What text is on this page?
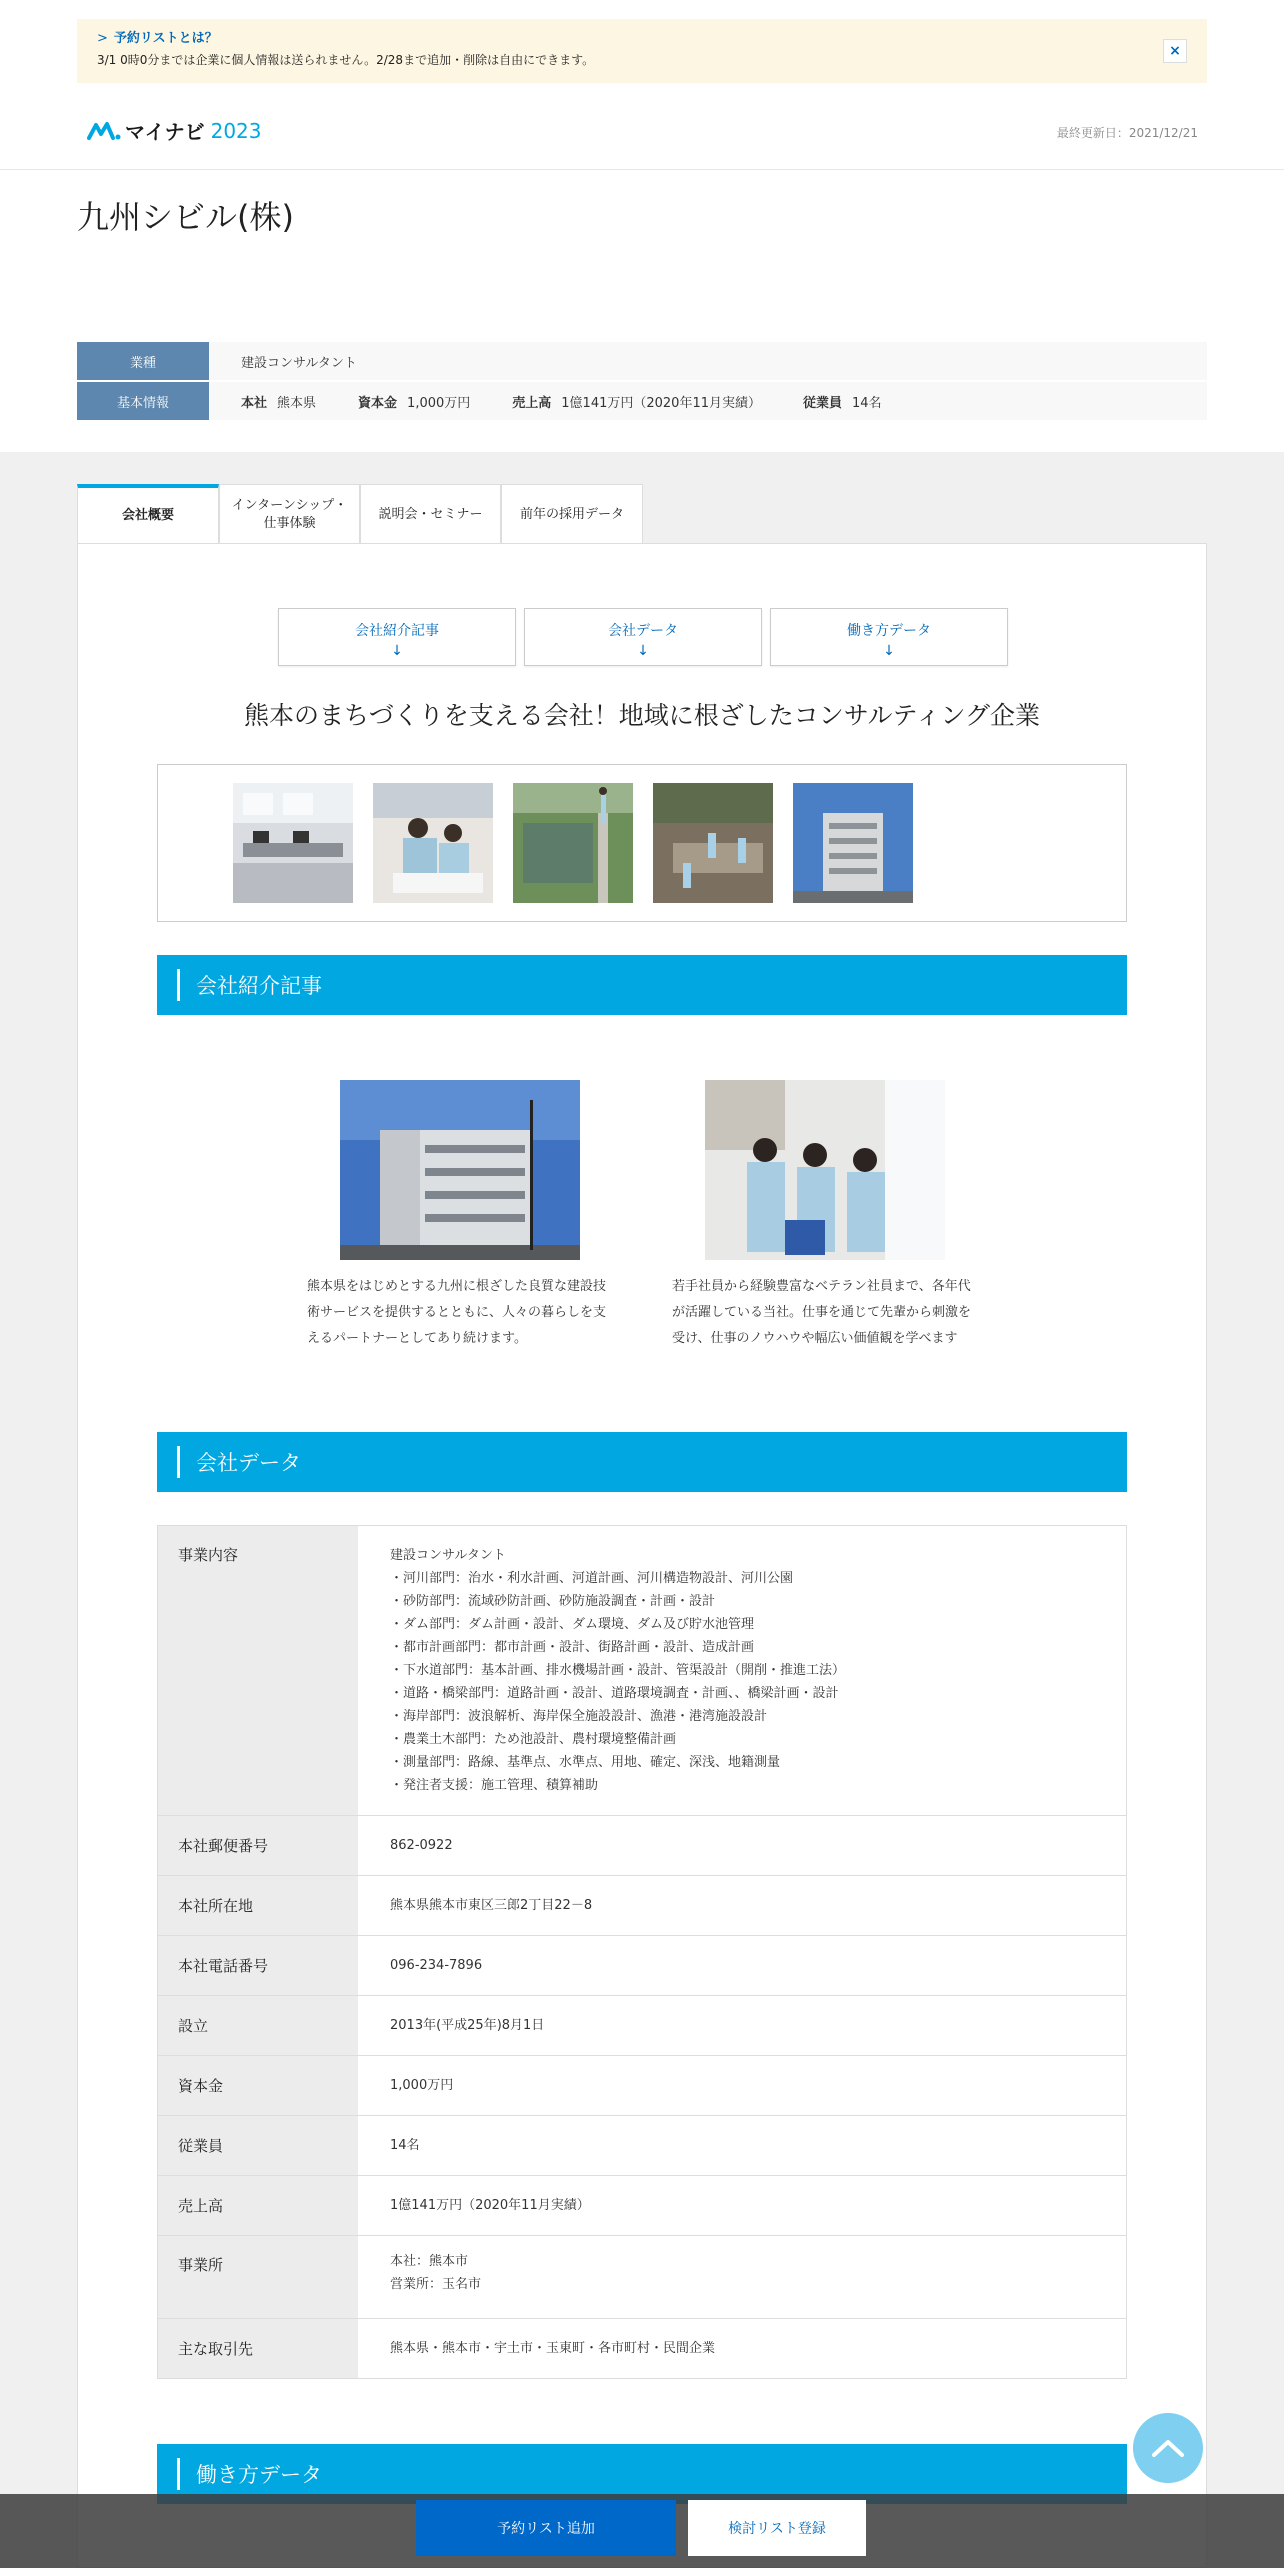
> 予約リストとは？
3/1 0時0分までは企業に個人情報は送られません。2/28まで追加・削除は自由にできます。
×
マイナビ 2023	最終更新日：2021/12/21
九州シビル(株)
業種	建設コンサルタント
基本情報	本社 熊本県	資本金 1,000万円	売上高 1億141万円（2020年11月実績）	従業員 14名
会社概要
インターンシップ・
仕事体験
説明会・セミナー	前年の採用データ
会社紹介記事
↓
会社データ
↓
働き方データ
↓
熊本のまちづくりを支える会社！地域に根ざしたコンサルティング企業
会社紹介記事
熊本県をはじめとする九州に根ざした良質な建設技術サービスを提供するとともに、人々の暮らしを支えるパートナーとしてあり続けます。
若手社員から経験豊富なベテラン社員まで、各年代が活躍している当社。仕事を通じて先輩から刺激を受け、仕事のノウハウや幅広い価値観を学べます
会社データ
事業内容	建設コンサルタント
・河川部門：治水・利水計画、河道計画、河川構造物設計、河川公園
・砂防部門：流域砂防計画、砂防施設調査・計画・設計
・ダム部門：ダム計画・設計、ダム環境、ダム及び貯水池管理
・都市計画部門：都市計画・設計、街路計画・設計、造成計画
・下水道部門：基本計画、排水機場計画・設計、管渠設計（開削・推進工法）
・道路・橋梁部門：道路計画・設計、道路環境調査・計画、、橋梁計画・設計
・海岸部門：波浪解析、海岸保全施設設計、漁港・港湾施設設計
・農業土木部門：ため池設計、農村環境整備計画
・測量部門：路線、基準点、水準点、用地、確定、深浅、地籍測量
・発注者支援：施工管理、積算補助
本社郵便番号	862-0922
本社所在地	熊本県熊本市東区三郎2丁目22－8
本社電話番号	096-234-7896
設立	2013年(平成25年)8月1日
資本金	1,000万円
従業員	14名
売上高	1億141万円（2020年11月実績）
事業所	本社：熊本市
営業所：玉名市
主な取引先	熊本県・熊本市・宇土市・玉東町・各市町村・民間企業
働き方データ
予約リスト追加	検討リスト登録
